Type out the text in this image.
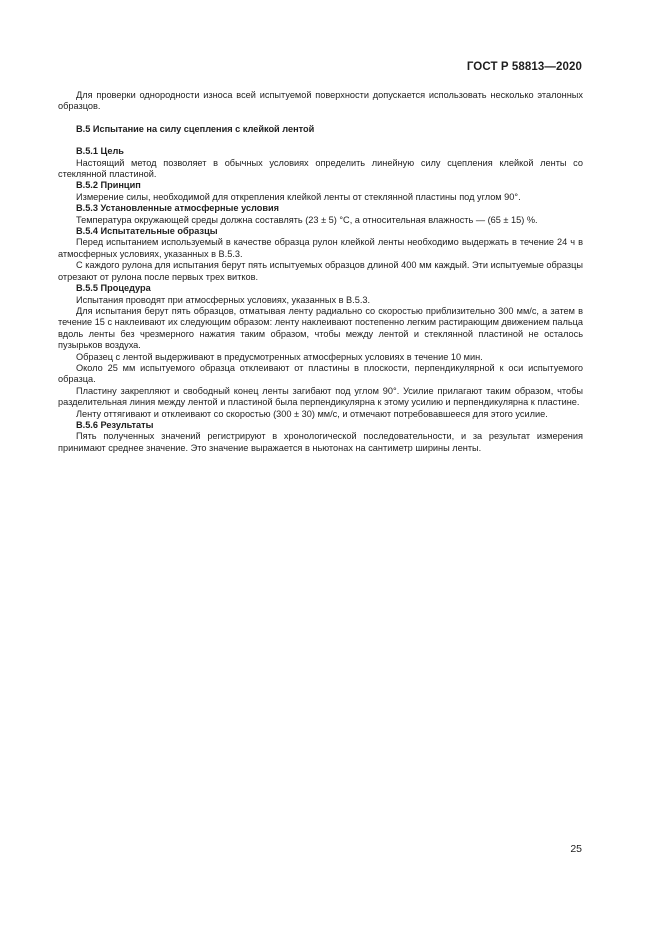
ГОСТ Р 58813—2020

Для проверки однородности износа всей испытуемой поверхности допускается использовать несколько эталонных образцов.

В.5 Испытание на силу сцепления с клейкой лентой

В.5.1 Цель

Настоящий метод позволяет в обычных условиях определить линейную силу сцепления клейкой ленты со стеклянной пластиной.

В.5.2 Принцип

Измерение силы, необходимой для открепления клейкой ленты от стеклянной пластины под углом 90°.

В.5.3 Установленные атмосферные условия

Температура окружающей среды должна составлять (23 ± 5) °С, а относительная влажность — (65 ± 15) %.

В.5.4 Испытательные образцы

Перед испытанием используемый в качестве образца рулон клейкой ленты необходимо выдержать в течение 24 ч в атмосферных условиях, указанных в В.5.3.

С каждого рулона для испытания берут пять испытуемых образцов длиной 400 мм каждый. Эти испытуемые образцы отрезают от рулона после первых трех витков.

В.5.5 Процедура

Испытания проводят при атмосферных условиях, указанных в В.5.3.

Для испытания берут пять образцов, отматывая ленту радиально со скоростью приблизительно 300 мм/с, а затем в течение 15 с наклеивают их следующим образом: ленту наклеивают постепенно легким растирающим движением пальца вдоль ленты без чрезмерного нажатия таким образом, чтобы между лентой и стеклянной пластиной не осталось пузырьков воздуха.

Образец с лентой выдерживают в предусмотренных атмосферных условиях в течение 10 мин.

Около 25 мм испытуемого образца отклеивают от пластины в плоскости, перпендикулярной к оси испытуемого образца.

Пластину закрепляют и свободный конец ленты загибают под углом 90°. Усилие прилагают таким образом, чтобы разделительная линия между лентой и пластиной была перпендикулярна к этому усилию и перпендикулярна к пластине.

Ленту оттягивают и отклеивают со скоростью (300 ± 30) мм/с, и отмечают потребовавшееся для этого усилие.

В.5.6 Результаты

Пять полученных значений регистрируют в хронологической последовательности, и за результат измерения принимают среднее значение. Это значение выражается в ньютонах на сантиметр ширины ленты.

25
